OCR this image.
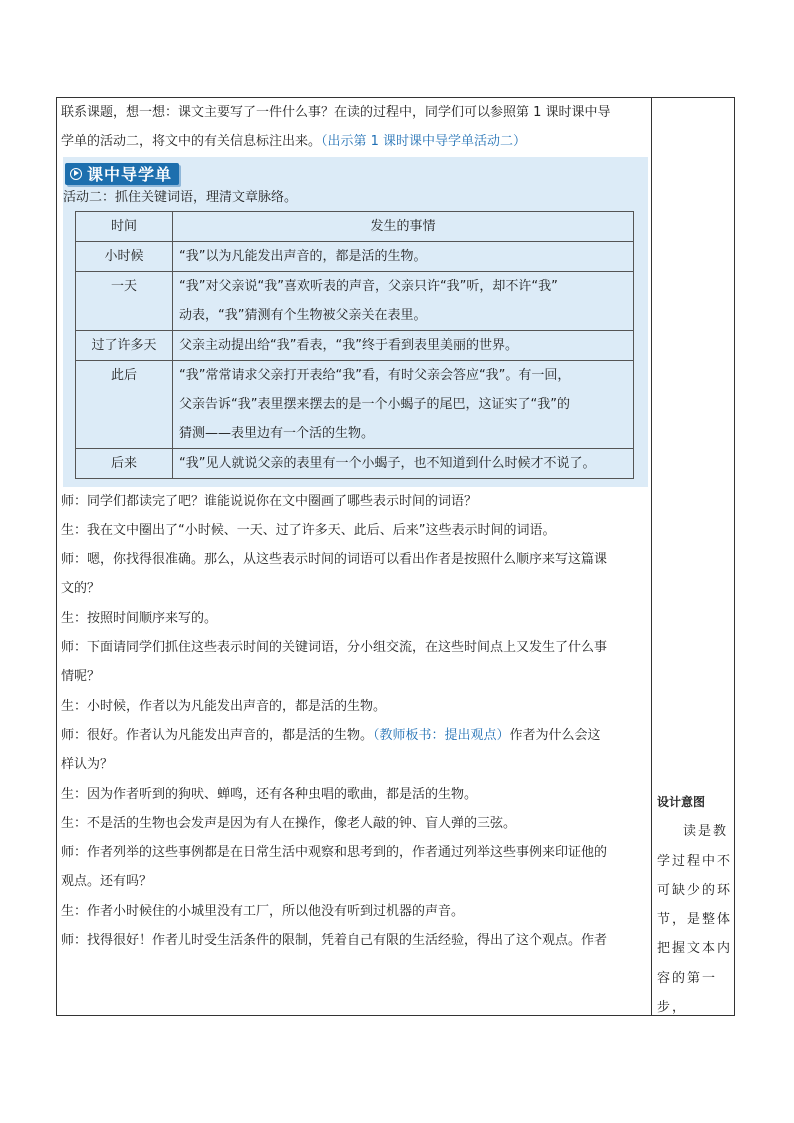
联系课题，想一想：课文主要写了一件什么事？在读的过程中，同学们可以参照第 1 课时课中导
学单的活动二，将文中的有关信息标注出来。（出示第 1 课时课中导学单活动二）
课中导学单
活动二：抓住关键词语，理清文章脉络。
时间	发生的事情
小时候	“我”以为凡能发出声音的，都是活的生物。

一天	“我”对父亲说“我”喜欢听表的声音，父亲只许“我”听，却不许“我”
动表，“我”猜测有个生物被父亲关在表里。

过了许多天	父亲主动提出给“我”看表，“我”终于看到表里美丽的世界。

此后	“我”常常请求父亲打开表给“我”看，有时父亲会答应“我”。有一回，
父亲告诉“我”表里摆来摆去的是一个小蝎子的尾巴，这证实了“我”的
猜测——表里边有一个活的生物。

后来	“我”见人就说父亲的表里有一个小蝎子，也不知道到什么时候才不说了。
师：同学们都读完了吧？谁能说说你在文中圈画了哪些表示时间的词语？
生：我在文中圈出了“小时候、一天、过了许多天、此后、后来”这些表示时间的词语。
师：嗯，你找得很准确。那么，从这些表示时间的词语可以看出作者是按照什么顺序来写这篇课
文的？
生：按照时间顺序来写的。
师：下面请同学们抓住这些表示时间的关键词语，分小组交流，在这些时间点上又发生了什么事
情呢？
生：小时候，作者以为凡能发出声音的，都是活的生物。
师：很好。作者认为凡能发出声音的，都是活的生物。（教师板书：提出观点）作者为什么会这
样认为？
生：因为作者听到的狗吠、蝉鸣，还有各种虫唱的歌曲，都是活的生物。
生：不是活的生物也会发声是因为有人在操作，像老人敲的钟、盲人弹的三弦。
师：作者列举的这些事例都是在日常生活中观察和思考到的，作者通过列举这些事例来印证他的
观点。还有吗？
生：作者小时候住的小城里没有工厂，所以他没有听到过机器的声音。
师：找得很好！作者儿时受生活条件的限制，凭着自己有限的生活经验，得出了这个观点。作者
设计意图
读是教学过程中不可缺少的环节，是整体把握文本内容的第一步，
